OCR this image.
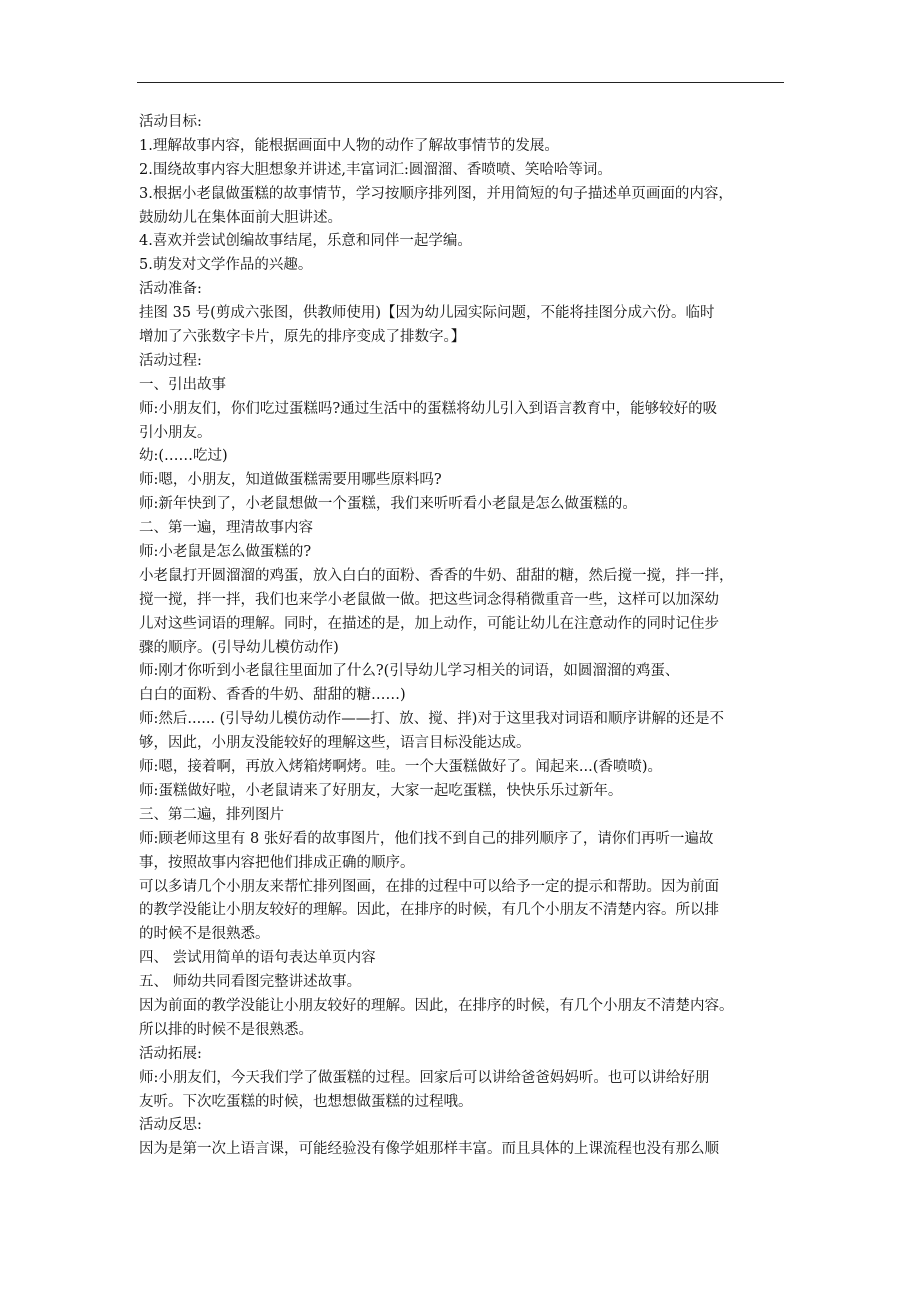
活动目标:
1.理解故事内容，能根据画面中人物的动作了解故事情节的发展。
2.围绕故事内容大胆想象并讲述,丰富词汇:圆溜溜、香喷喷、笑哈哈等词。
3.根据小老鼠做蛋糕的故事情节，学习按顺序排列图，并用简短的句子描述单页画面的内容，
鼓励幼儿在集体面前大胆讲述。
4.喜欢并尝试创编故事结尾，乐意和同伴一起学编。
5.萌发对文学作品的兴趣。
活动准备:
挂图 35 号(剪成六张图，供教师使用)【因为幼儿园实际问题，不能将挂图分成六份。临时
增加了六张数字卡片，原先的排序变成了排数字。】
活动过程:
一、引出故事
师:小朋友们，你们吃过蛋糕吗?通过生活中的蛋糕将幼儿引入到语言教育中，能够较好的吸
引小朋友。
幼:(……吃过)
师:嗯，小朋友，知道做蛋糕需要用哪些原料吗?
师:新年快到了，小老鼠想做一个蛋糕，我们来听听看小老鼠是怎么做蛋糕的。
二、第一遍，理清故事内容
师:小老鼠是怎么做蛋糕的?
小老鼠打开圆溜溜的鸡蛋，放入白白的面粉、香香的牛奶、甜甜的糖，然后搅一搅，拌一拌，
搅一搅，拌一拌，我们也来学小老鼠做一做。把这些词念得稍微重音一些，这样可以加深幼
儿对这些词语的理解。同时，在描述的是，加上动作，可能让幼儿在注意动作的同时记住步
骤的顺序。(引导幼儿模仿动作)
师:刚才你听到小老鼠往里面加了什么?(引导幼儿学习相关的词语，如圆溜溜的鸡蛋、
白白的面粉、香香的牛奶、甜甜的糖……)
师:然后...... (引导幼儿模仿动作——打、放、搅、拌)对于这里我对词语和顺序讲解的还是不
够，因此，小朋友没能较好的理解这些，语言目标没能达成。
师:嗯，接着啊，再放入烤箱烤啊烤。哇。一个大蛋糕做好了。闻起来...(香喷喷)。
师:蛋糕做好啦，小老鼠请来了好朋友，大家一起吃蛋糕，快快乐乐过新年。
三、第二遍，排列图片
师:顾老师这里有 8 张好看的故事图片，他们找不到自己的排列顺序了，请你们再听一遍故
事，按照故事内容把他们排成正确的顺序。
可以多请几个小朋友来帮忙排列图画，在排的过程中可以给予一定的提示和帮助。因为前面
的教学没能让小朋友较好的理解。因此，在排序的时候，有几个小朋友不清楚内容。所以排
的时候不是很熟悉。
四、 尝试用简单的语句表达单页内容
五、 师幼共同看图完整讲述故事。
因为前面的教学没能让小朋友较好的理解。因此，在排序的时候，有几个小朋友不清楚内容。
所以排的时候不是很熟悉。
活动拓展:
师:小朋友们，今天我们学了做蛋糕的过程。回家后可以讲给爸爸妈妈听。也可以讲给好朋
友听。下次吃蛋糕的时候，也想想做蛋糕的过程哦。
活动反思:
因为是第一次上语言课，可能经验没有像学姐那样丰富。而且具体的上课流程也没有那么顺
